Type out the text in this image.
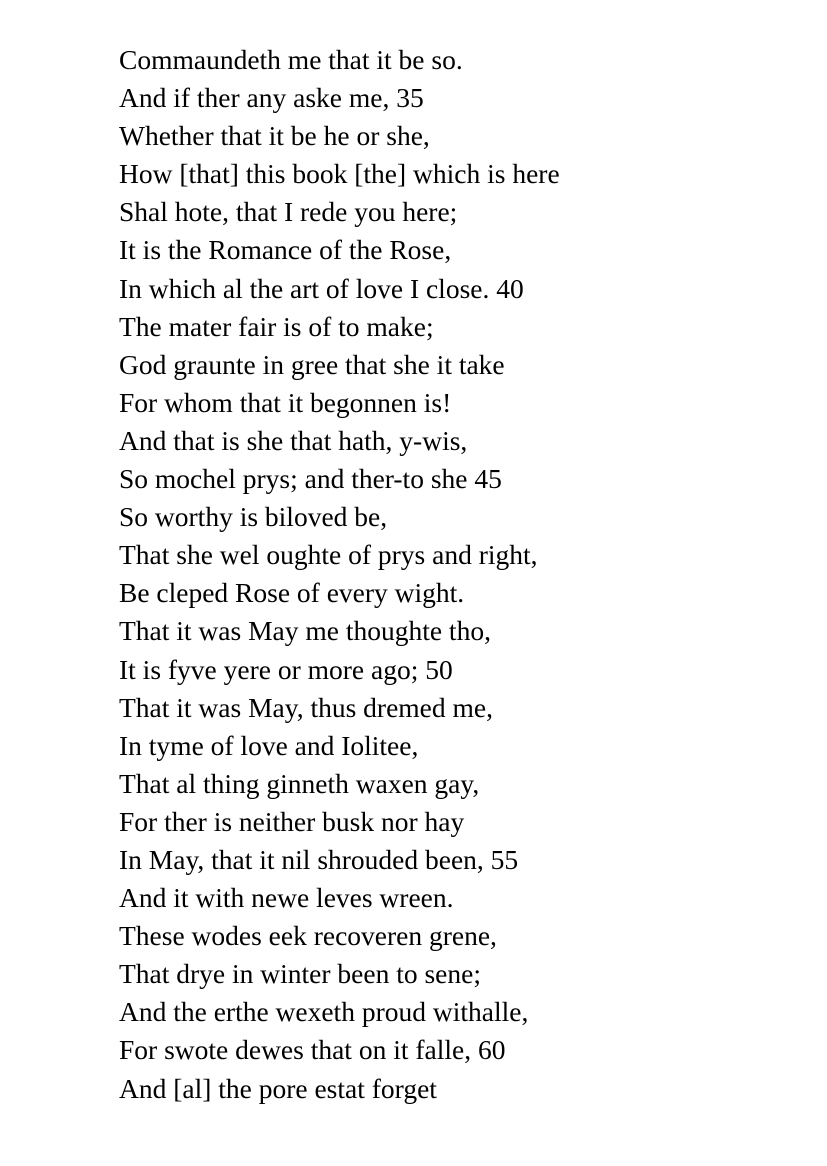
Commaundeth me that it be so.
And if ther any aske me, 35
Whether that it be he or she,
How [that] this book [the] which is here
Shal hote, that I rede you here;
It is the Romance of the Rose,
In which al the art of love I close. 40
The mater fair is of to make;
God graunte in gree that she it take
For whom that it begonnen is!
And that is she that hath, y-wis,
So mochel prys; and ther-to she 45
So worthy is biloved be,
That she wel oughte of prys and right,
Be cleped Rose of every wight.
That it was May me thoughte tho,
It is fyve yere or more ago; 50
That it was May, thus dremed me,
In tyme of love and Iolitee,
That al thing ginneth waxen gay,
For ther is neither busk nor hay
In May, that it nil shrouded been, 55
And it with newe leves wreen.
These wodes eek recoveren grene,
That drye in winter been to sene;
And the erthe wexeth proud withalle,
For swote dewes that on it falle, 60
And [al] the pore estat forget
